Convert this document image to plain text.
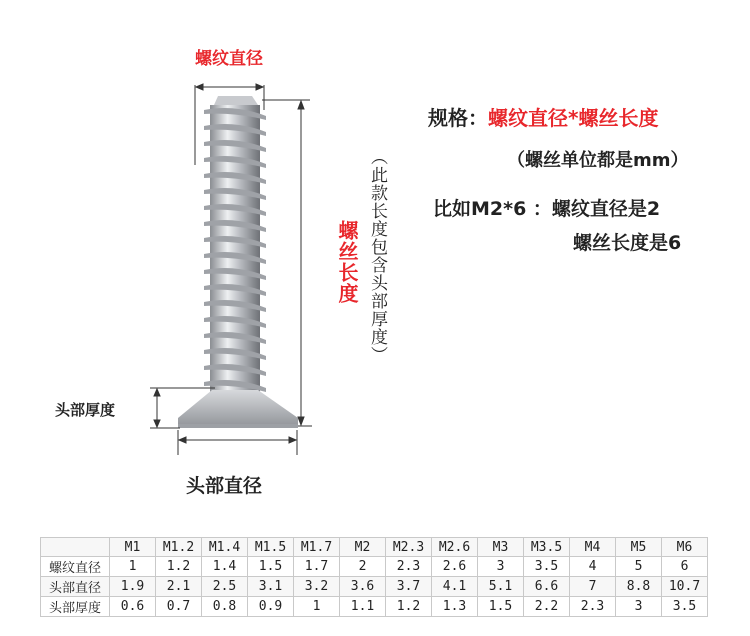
螺纹直径
螺丝长度 （此款长度包含头部厚度）
头部厚度
头部直径
规格：螺纹直径*螺丝长度
（螺丝单位都是mm）
比如M2*6 ：螺纹直径是2
螺丝长度是6
	M1	M1.2	M1.4	M1.5	M1.7	M2	M2.3	M2.6	M3	M3.5	M4	M5	M6
螺纹直径	1	1.2	1.4	1.5	1.7	2	2.3	2.6	3	3.5	4	5	6
头部直径	1.9	2.1	2.5	3.1	3.2	3.6	3.7	4.1	5.1	6.6	7	8.8	10.7
头部厚度	0.6	0.7	0.8	0.9	1	1.1	1.2	1.3	1.5	2.2	2.3	3	3.5
